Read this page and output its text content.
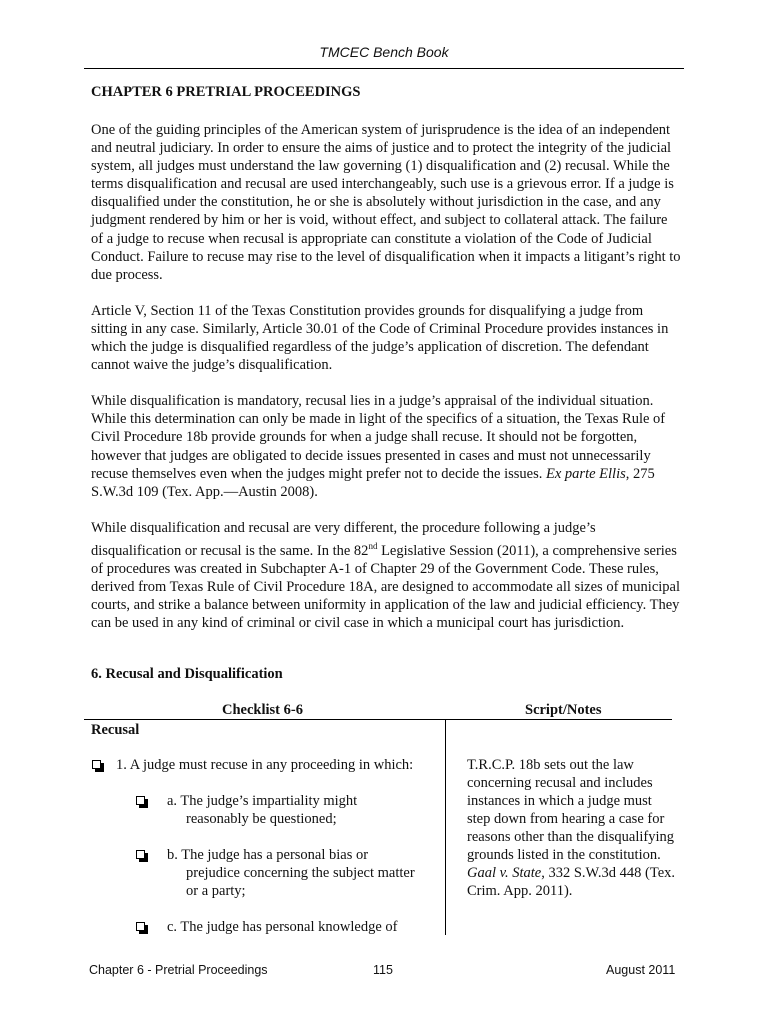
TMCEC Bench Book
CHAPTER 6 PRETRIAL PROCEEDINGS

One of the guiding principles of the American system of jurisprudence is the idea of an independent and neutral judiciary. In order to ensure the aims of justice and to protect the integrity of the judicial system, all judges must understand the law governing (1) disqualification and (2) recusal. While the terms disqualification and recusal are used interchangeably, such use is a grievous error. If a judge is disqualified under the constitution, he or she is absolutely without jurisdiction in the case, and any judgment rendered by him or her is void, without effect, and subject to collateral attack. The failure of a judge to recuse when recusal is appropriate can constitute a violation of the Code of Judicial Conduct. Failure to recuse may rise to the level of disqualification when it impacts a litigant’s right to due process.

Article V, Section 11 of the Texas Constitution provides grounds for disqualifying a judge from sitting in any case. Similarly, Article 30.01 of the Code of Criminal Procedure provides instances in which the judge is disqualified regardless of the judge’s application of discretion. The defendant cannot waive the judge’s disqualification.

While disqualification is mandatory, recusal lies in a judge’s appraisal of the individual situation. While this determination can only be made in light of the specifics of a situation, the Texas Rule of Civil Procedure 18b provide grounds for when a judge shall recuse. It should not be forgotten, however that judges are obligated to decide issues presented in cases and must not unnecessarily recuse themselves even when the judges might prefer not to decide the issues. Ex parte Ellis, 275 S.W.3d 109 (Tex. App.—Austin 2008).

While disqualification and recusal are very different, the procedure following a judge’s disqualification or recusal is the same. In the 82nd Legislative Session (2011), a comprehensive series of procedures was created in Subchapter A-1 of Chapter 29 of the Government Code. These rules, derived from Texas Rule of Civil Procedure 18A, are designed to accommodate all sizes of municipal courts, and strike a balance between uniformity in application of the law and judicial efficiency. They can be used in any kind of criminal or civil case in which a municipal court has jurisdiction.

6. Recusal and Disqualification
Checklist 6-6	Script/Notes
Recusal
1. A judge must recuse in any proceeding in which:
a. The judge’s impartiality might
reasonably be questioned;
b. The judge has a personal bias or
prejudice concerning the subject matter
or a party;
c. The judge has personal knowledge of
T.R.C.P. 18b sets out the law concerning recusal and includes instances in which a judge must step down from hearing a case for reasons other than the disqualifying grounds listed in the constitution. Gaal v. State, 332 S.W.3d 448 (Tex. Crim. App. 2011).
Chapter 6 - Pretrial Proceedings	115	August 2011
